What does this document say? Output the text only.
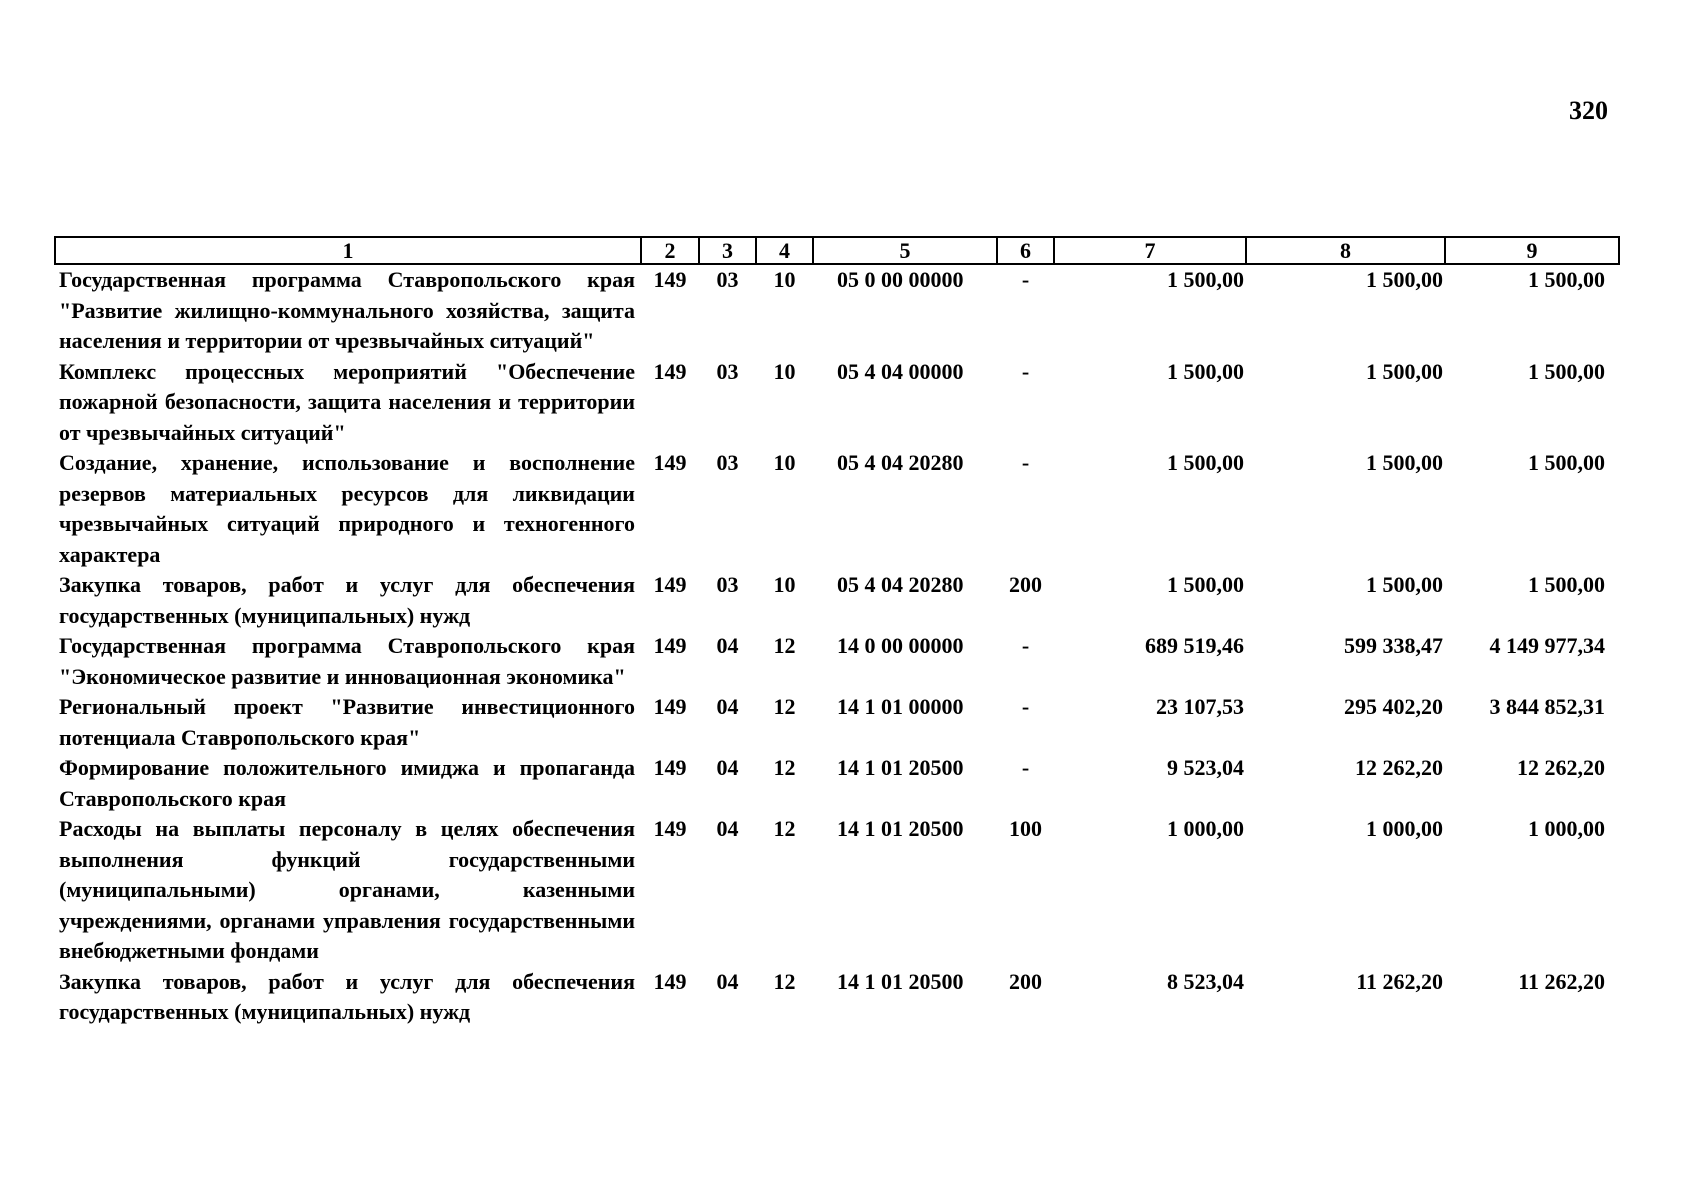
320
1	2	3	4	5	6	7	8	9
Государственная программа Ставропольского края "Развитие жилищно-коммунального хозяйства, защита населения и территории от чрезвычайных ситуаций"	149	03	10	05 0 00 00000	-	1 500,00	1 500,00	1 500,00
Комплекс процессных мероприятий "Обеспечение пожарной безопасности, защита населения и территории от чрезвычайных ситуаций"	149	03	10	05 4 04 00000	-	1 500,00	1 500,00	1 500,00
Создание, хранение, использование и восполнение резервов материальных ресурсов для ликвидации чрезвычайных ситуаций природного и техногенного характера	149	03	10	05 4 04 20280	-	1 500,00	1 500,00	1 500,00
Закупка товаров, работ и услуг для обеспечения государственных (муниципальных) нужд	149	03	10	05 4 04 20280	200	1 500,00	1 500,00	1 500,00
Государственная программа Ставропольского края "Экономическое развитие и инновационная экономика"	149	04	12	14 0 00 00000	-	689 519,46	599 338,47	4 149 977,34
Региональный проект "Развитие инвестиционного потенциала Ставропольского края"	149	04	12	14 1 01 00000	-	23 107,53	295 402,20	3 844 852,31
Формирование положительного имиджа и пропаганда Ставропольского края	149	04	12	14 1 01 20500	-	9 523,04	12 262,20	12 262,20
Расходы на выплаты персоналу в целях обеспечения выполнения функций государственными (муниципальными) органами, казенными учреждениями, органами управления государственными внебюджетными фондами	149	04	12	14 1 01 20500	100	1 000,00	1 000,00	1 000,00
Закупка товаров, работ и услуг для обеспечения государственных (муниципальных) нужд	149	04	12	14 1 01 20500	200	8 523,04	11 262,20	11 262,20
